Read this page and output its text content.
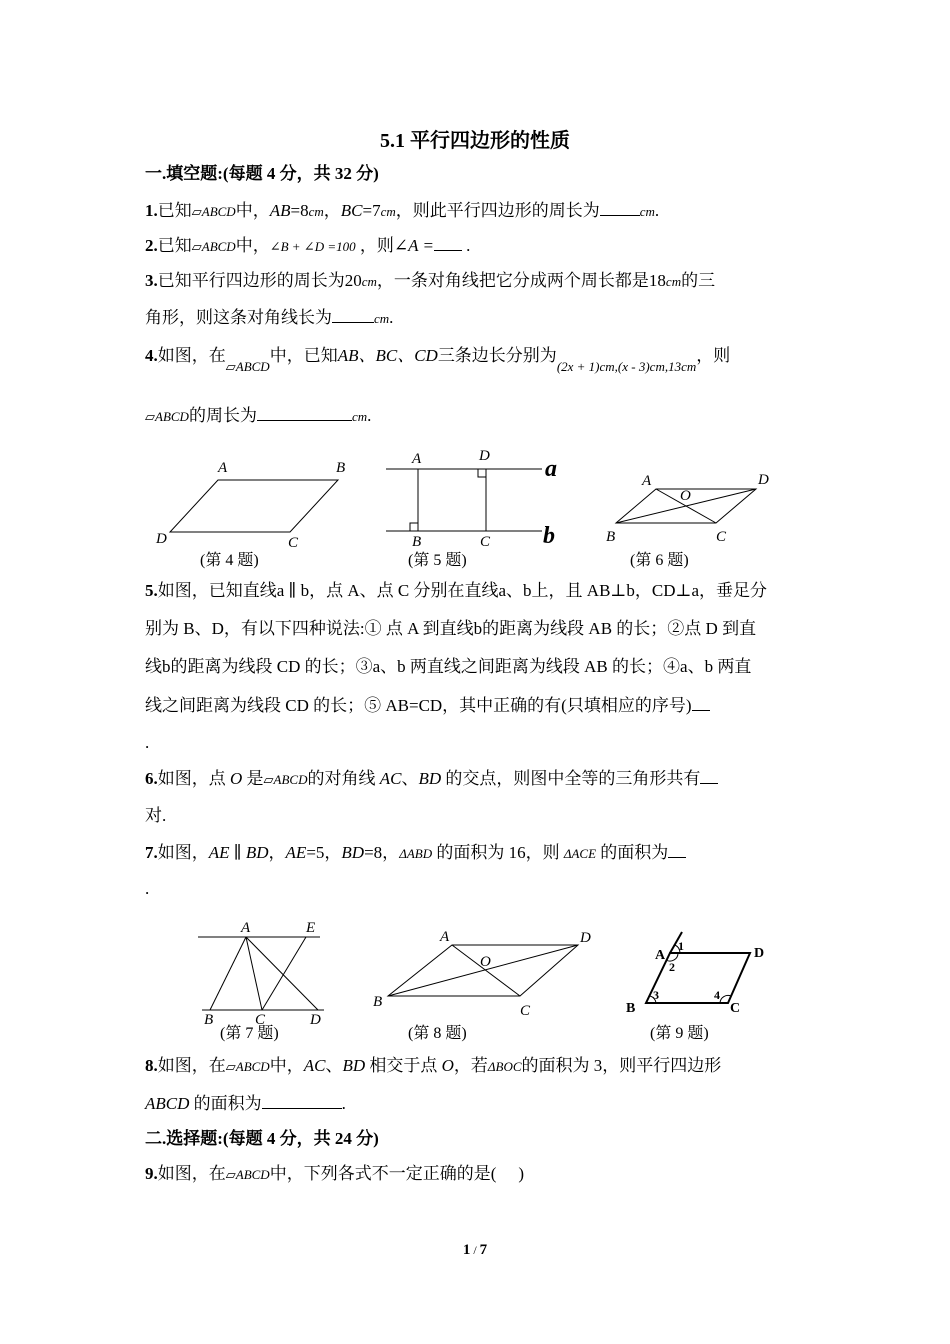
5.1 平行四边形的性质
一.填空题:(每题 4 分，共 32 分)
1.已知▱ABCD中，AB=8cm，BC=7cm，则此平行四边形的周长为	cm.
2.已知▱ABCD中，∠B + ∠D =100 ，则∠A = .
3.已知平行四边形的周长为20cm，一条对角线把它分成两个周长都是18cm的三
角形，则这条对角线长为	cm.
4.如图，在$_{▱ABCD}$中，已知AB、BC、CD三条边长分别为$_{(2x + 1)cm,(x - 3)cm,13cm}$，则
▱ABCD的周长为	cm.
A	B
C
D
(第 4 题)
A	D
B	C
a
b
(第 5 题)
A	D
O
B	C
(第 6 题)
5.如图，已知直线a ∥ b，点 A、点 C 分别在直线a、b上，且 AB⊥b，CD⊥a，垂足分
别为 B、D，有以下四种说法:① 点 A 到直线b的距离为线段 AB 的长；②点 D 到直
线b的距离为线段 CD 的长；③a、b 两直线之间距离为线段 AB 的长；④a、b 两直
线之间距离为线段 CD 的长；⑤ AB=CD，其中正确的有(只填相应的序号)
.
6.如图，点 O 是▱ABCD的对角线 AC、BD 的交点，则图中全等的三角形共有
对.
7.如图，AE ∥ BD，AE=5，BD=8，ΔABD 的面积为 16，则 ΔACE 的面积为
.
A	E
B	C	D
(第 7 题)
A	D
O
B
C
(第 8 题)
A	D
B	C
1
2
3	4
(第 9 题)
8.如图，在▱ABCD中，AC、BD 相交于点 O，若ΔBOC的面积为 3，则平行四边形
ABCD 的面积为	.
二.选择题:(每题 4 分，共 24 分)
9.如图，在▱ABCD中，下列各式不一定正确的是( )
1 / 7
